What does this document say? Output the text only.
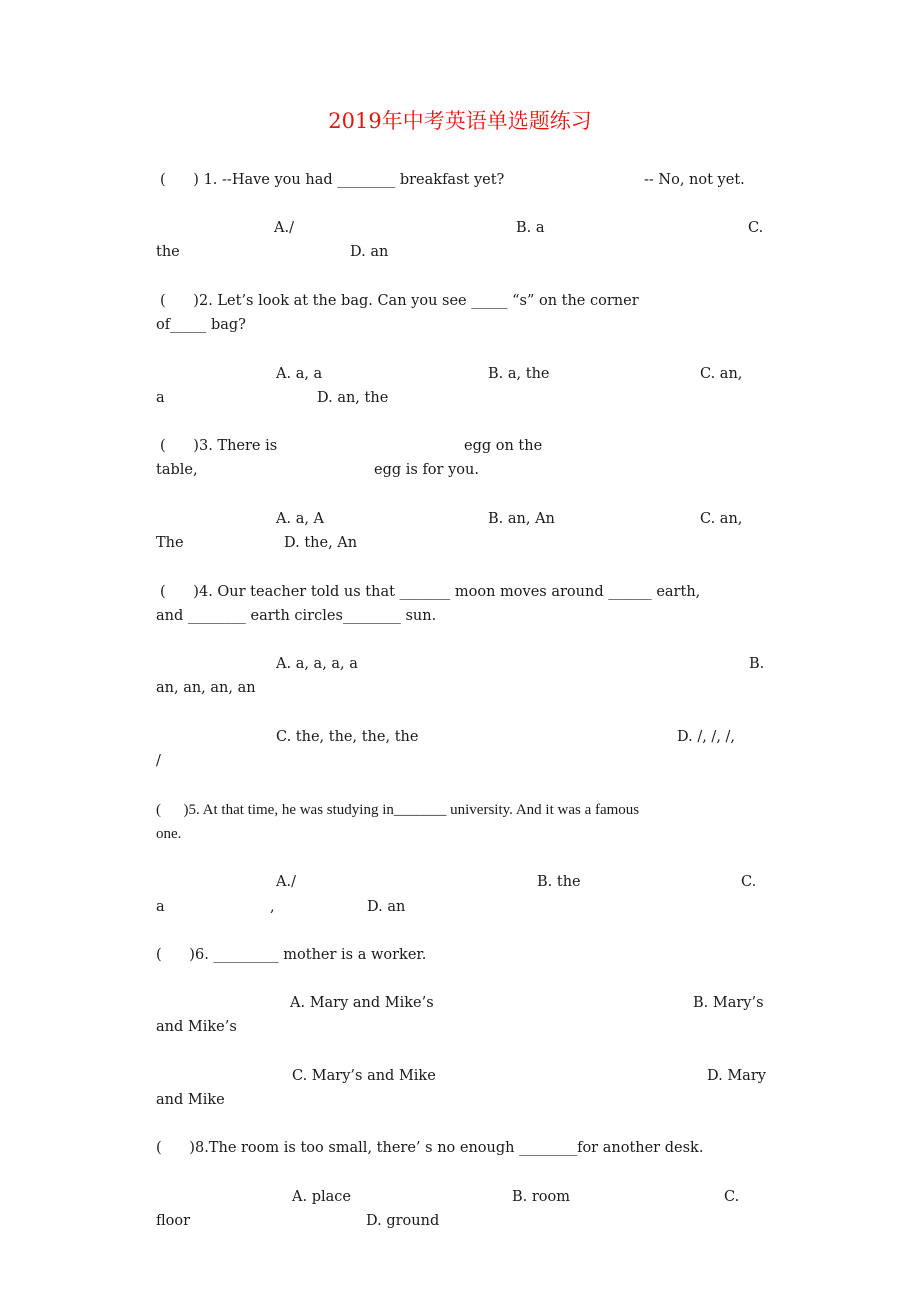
2019年中考英语单选题练习

(      ) 1. --Have you had ________ breakfast yet?

	-- No, not yet.

A./

	B. a

	C.

the

	D. an

(      )2. Let’s look at the bag. Can you see _____ “s” on the corner

of_____ bag?

A. a, a

	B. a, the

	C. an,

a

	D. an, the

(      )3. There is

	egg on the

table,

	egg is for you.

A. a, A

	B. an, An

	C. an,

The

	D. the, An

(      )4. Our teacher told us that _______ moon moves around ______ earth,

and ________ earth circles________ sun.

A. a, a, a, a

	B.

an, an, an, an

C. the, the, the, the

	D. /, /, /,

/

(      )5. At that time, he was studying in_______ university. And it was a famous

one.

A./

	B. the

	C.

a

	,

	D. an

(      )6. _________ mother is a worker.

A. Mary and Mike’s

	B. Mary’s

and Mike’s

C. Mary’s and Mike

	D. Mary

and Mike

(      )8.The room is too small, there’ s no enough ________for another desk.

A. place

	B. room

	C.

floor

	D. ground
